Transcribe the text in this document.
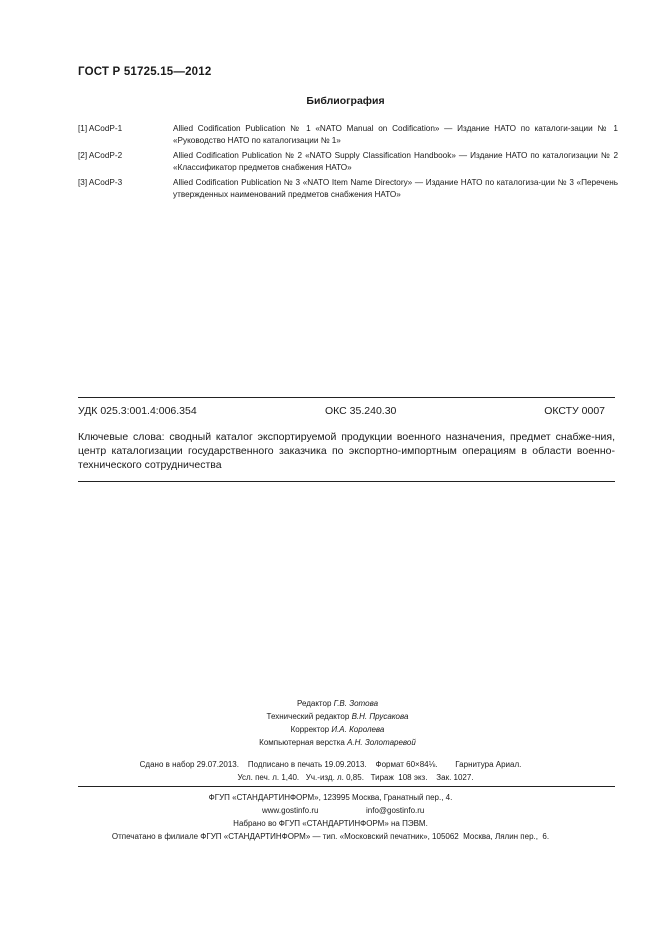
ГОСТ Р 51725.15—2012
Библиография
[1] ACodP-1	Allied Codification Publication № 1 «NATO Manual on Codification» — Издание НАТО по каталоги-зации № 1 «Руководство НАТО по каталогизации № 1»
[2] ACodP-2	Allied Codification Publication № 2 «NATO Supply Classification Handbook» — Издание НАТО по каталогизации № 2 «Классификатор предметов снабжения НАТО»
[3] ACodP-3	Allied Codification Publication № 3 «NATO Item Name Directory» — Издание НАТО по каталогиза-ции № 3 «Перечень утвержденных наименований предметов снабжения НАТО»
УДК 025.3:001.4:006.354	ОКС 35.240.30	ОКСТУ 0007
Ключевые слова: сводный каталог экспортируемой продукции военного назначения, предмет снабже-ния, центр каталогизации государственного заказчика по экспортно-импортным операциям в области военно-технического сотрудничества
Редактор Г.В. Зотова
Технический редактор В.Н. Прусакова
Корректор И.А. Королева
Компьютерная верстка А.Н. Золотаревой
Сдано в набор 29.07.2013.    Подписано в печать 19.09.2013.    Формат 60×84⅛.        Гарнитура Ариал.
Усл. печ. л. 1,40.   Уч.-изд. л. 0,85.   Тираж  108 экз.    Зак. 1027.
ФГУП «СТАНДАРТИНФОРМ», 123995 Москва, Гранатный пер., 4.
www.gostinfo.ru	info@gostinfo.ru
Набрано во ФГУП «СТАНДАРТИНФОРМ» на ПЭВМ.
Отпечатано в филиале ФГУП «СТАНДАРТИНФОРМ» — тип. «Московский печатник», 105062  Москва, Лялин пер.,  6.
